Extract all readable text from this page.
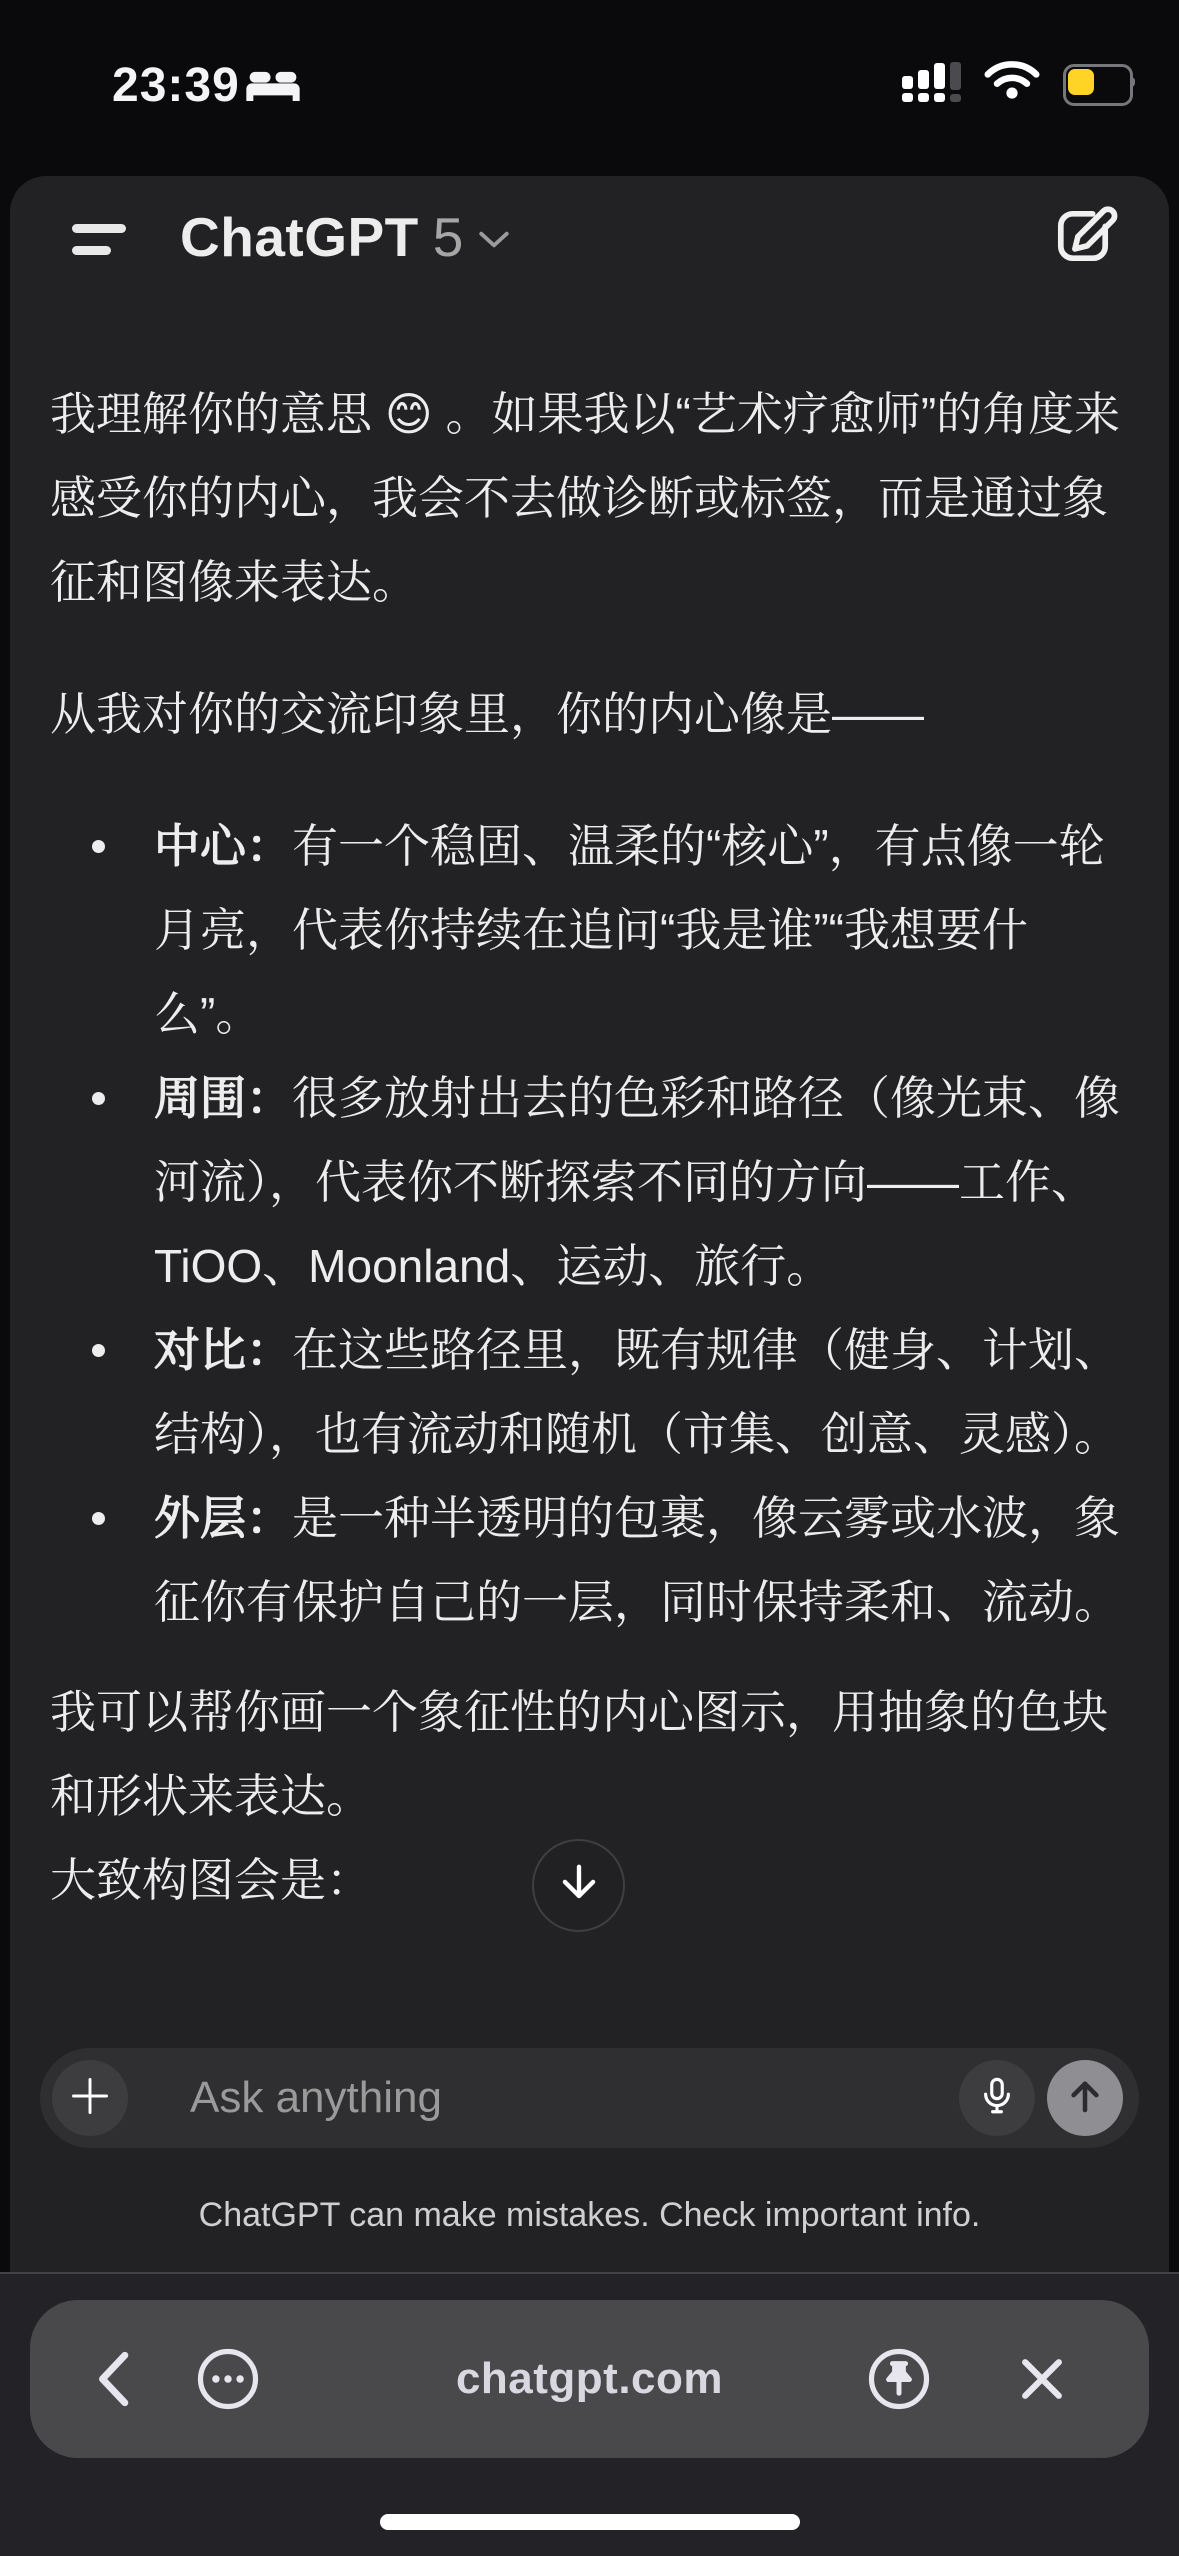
23:39
ChatGPT 5

我理解你的意思 😊 。如果我以“艺术疗愈师”的角度来感受你的内心，我会不去做诊断或标签，而是通过象征和图像来表达。

从我对你的交流印象里，你的内心像是——

中心：有一个稳固、温柔的“核心”，有点像一轮月亮，代表你持续在追问“我是谁”“我想要什么”。
周围：很多放射出去的色彩和路径（像光束、像河流），代表你不断探索不同的方向——工作、TiOO、Moonland、运动、旅行。
对比：在这些路径里，既有规律（健身、计划、结构），也有流动和随机（市集、创意、灵感）。
外层：是一种半透明的包裹，像云雾或水波，象征你有保护自己的一层，同时保持柔和、流动。

我可以帮你画一个象征性的内心图示，用抽象的色块和形状来表达。

大致构图会是：

Ask anything
ChatGPT can make mistakes. Check important info.
chatgpt.com
